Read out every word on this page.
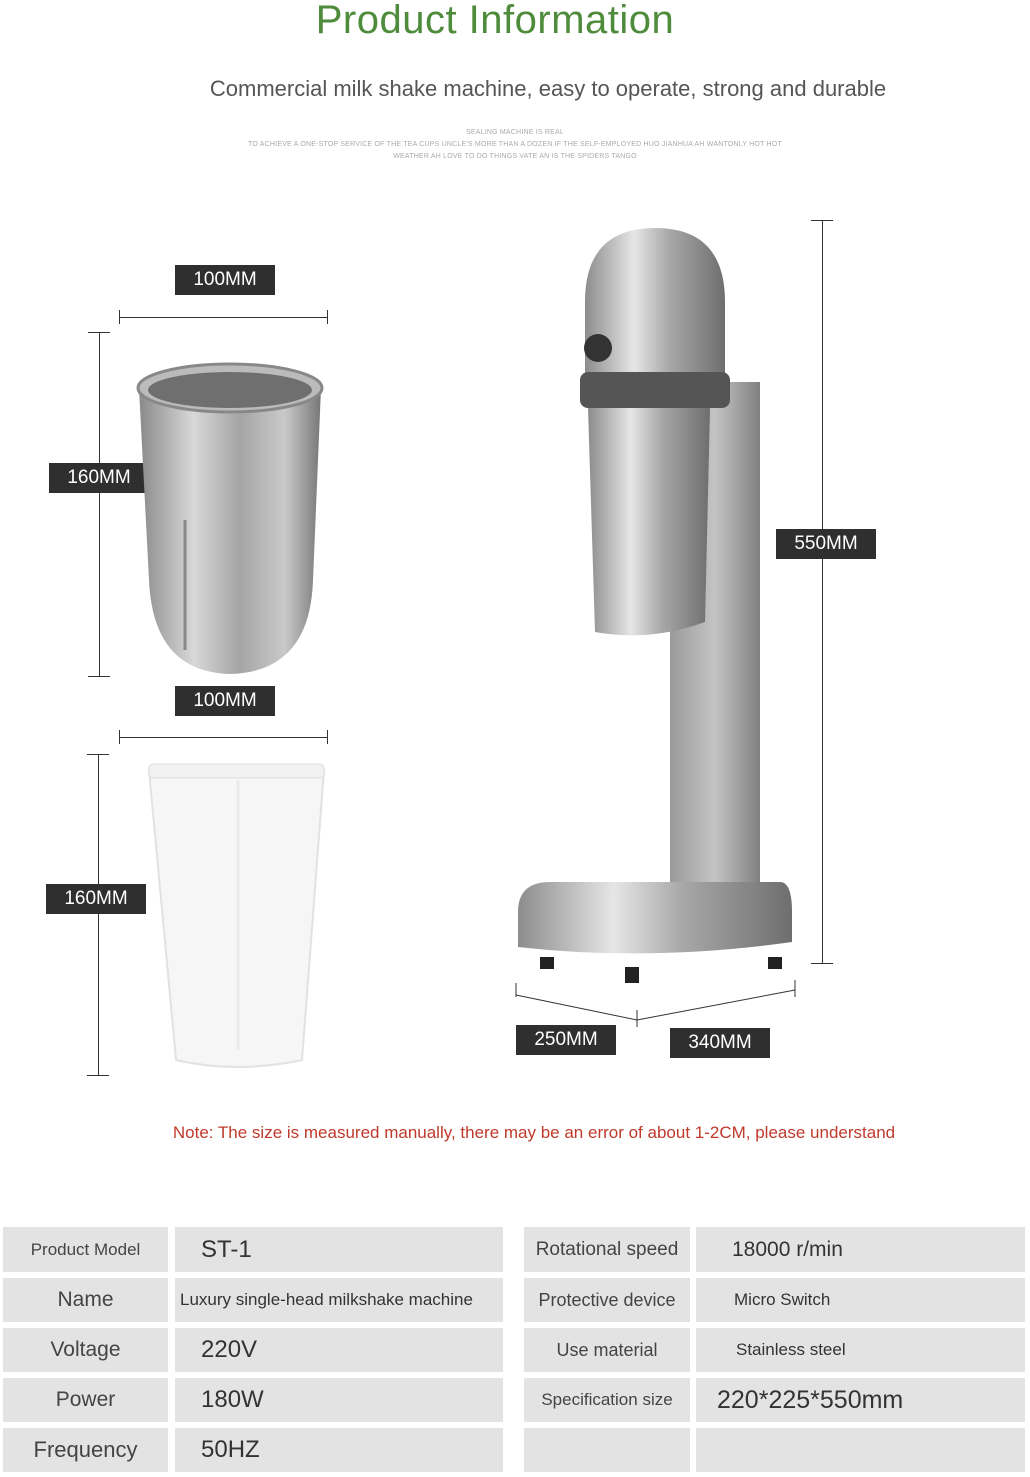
Product Information
Commercial milk shake machine, easy to operate, strong and durable
SEALING MACHINE IS REAL
TO ACHIEVE A ONE-STOP SERVICE OF THE TEA CUPS UNCLE'S MORE THAN A DOZEN IF THE SELF-EMPLOYED HUO JIANHUA AH WANTONLY HOT HOT
WEATHER AH LOVE TO DO THINGS VATE AN IS THE SPIDERS TANGO
100MM
160MM
100MM
160MM
550MM
250MM	340MM
Note: The size is measured manually, there may be an error of about 1-2CM, please understand
Product Model	ST-1
Name	Luxury single-head milkshake machine
Voltage	220V
Power	180W
Frequency	50HZ
Rotational speed	18000 r/min
Protective device	Micro Switch
Use material	Stainless steel
Specification size	220*225*550mm
